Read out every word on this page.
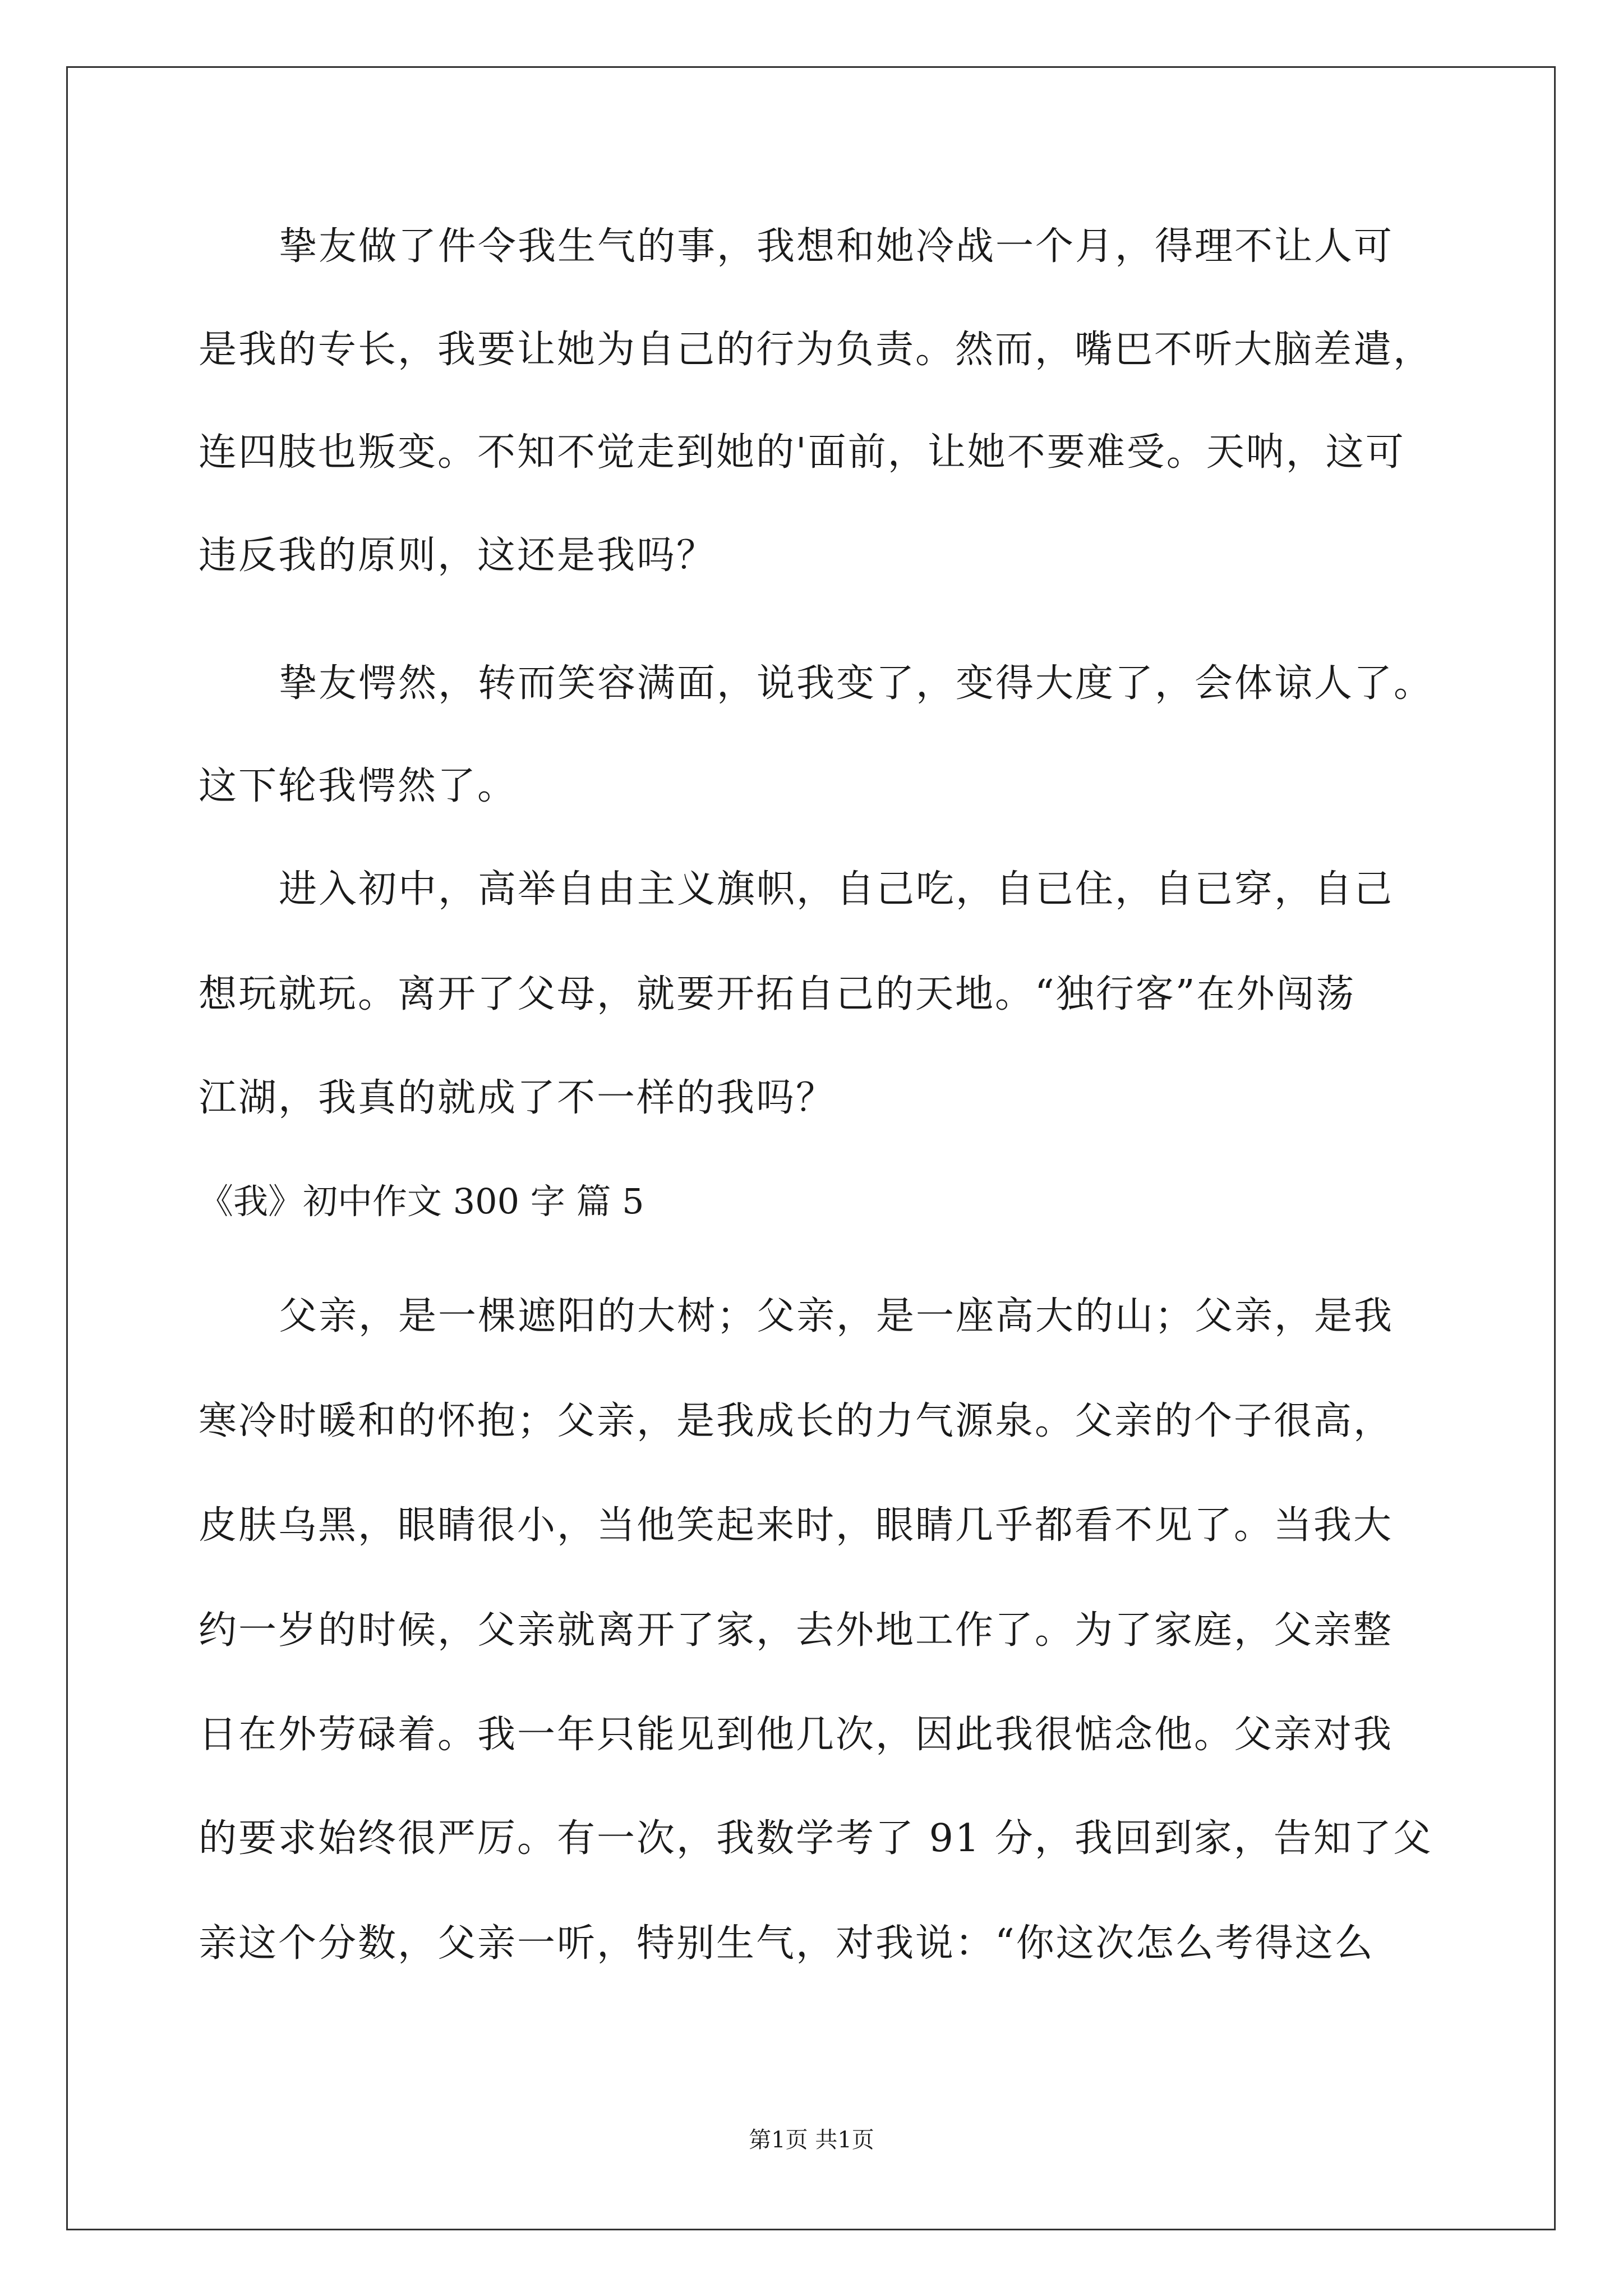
挚友做了件令我生气的事，我想和她冷战一个月，得理不让人可
是我的专长，我要让她为自己的行为负责。然而，嘴巴不听大脑差遣，
连四肢也叛变。不知不觉走到她的'面前，让她不要难受。天呐，这可
违反我的原则，这还是我吗？
挚友愕然，转而笑容满面，说我变了，变得大度了，会体谅人了。
这下轮我愕然了。
进入初中，高举自由主义旗帜，自己吃，自已住，自已穿，自己
想玩就玩。离开了父母，就要开拓自己的天地。“独行客”在外闯荡
江湖，我真的就成了不一样的我吗？
《我》初中作文 300 字 篇 5
父亲，是一棵遮阳的大树；父亲，是一座高大的山；父亲，是我
寒冷时暖和的怀抱；父亲，是我成长的力气源泉。父亲的个子很高，
皮肤乌黑，眼睛很小，当他笑起来时，眼睛几乎都看不见了。当我大
约一岁的时候，父亲就离开了家，去外地工作了。为了家庭，父亲整
日在外劳碌着。我一年只能见到他几次，因此我很惦念他。父亲对我
的要求始终很严厉。有一次，我数学考了 91 分，我回到家，告知了父
亲这个分数，父亲一听，特别生气，对我说：“你这次怎么考得这么
第1页 共1页
